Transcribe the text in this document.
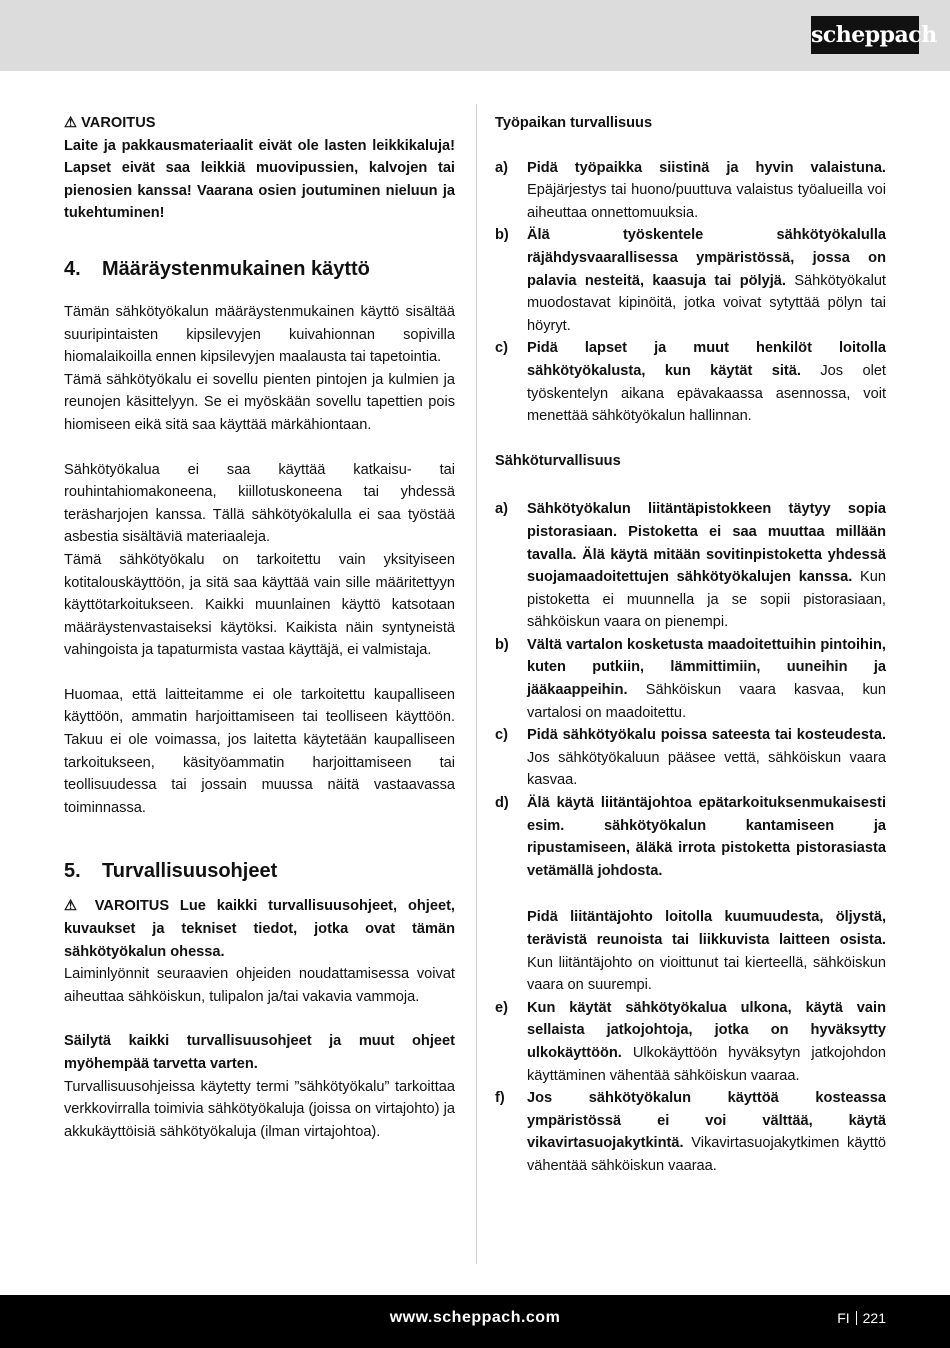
scheppach

⚠ VAROITUS

Laite ja pakkausmateriaalit eivät ole lasten leikkikaluja! Lapset eivät saa leikkiä muovipussien, kalvojen tai pienosien kanssa! Vaarana osien joutuminen nieluun ja tukehtuminen!

4. Määräystenmukainen käyttö

Tämän sähkötyökalun määräystenmukainen käyttö sisältää suuripintaisten kipsilevyjen kuivahionnan sopivilla hiomalaikoilla ennen kipsilevyjen maalausta tai tapetointia.

Tämä sähkötyökalu ei sovellu pienten pintojen ja kulmien ja reunojen käsittelyyn. Se ei myöskään sovellu tapettien pois hiomiseen eikä sitä saa käyttää märkähiontaan.

Sähkötyökalua ei saa käyttää katkaisu- tai rouhintahiomakoneena, kiillotuskoneena tai yhdessä teräsharjojen kanssa. Tällä sähkötyökalulla ei saa työstää asbestia sisältäviä materiaaleja.

Tämä sähkötyökalu on tarkoitettu vain yksityiseen kotitalouskäyttöön, ja sitä saa käyttää vain sille määritettyyn käyttötarkoitukseen. Kaikki muunlainen käyttö katsotaan määräystenvastaiseksi käytöksi. Kaikista näin syntyneistä vahingoista ja tapaturmista vastaa käyttäjä, ei valmistaja.

Huomaa, että laitteitamme ei ole tarkoitettu kaupalliseen käyttöön, ammatin harjoittamiseen tai teolliseen käyttöön. Takuu ei ole voimassa, jos laitetta käytetään kaupalliseen tarkoitukseen, käsityöammatin harjoittamiseen tai teollisuudessa tai jossain muussa näitä vastaavassa toiminnassa.

5. Turvallisuusohjeet

⚠ VAROITUS Lue kaikki turvallisuusohjeet, ohjeet, kuvaukset ja tekniset tiedot, jotka ovat tämän sähkötyökalun ohessa.

Laiminlyönnit seuraavien ohjeiden noudattamisessa voivat aiheuttaa sähköiskun, tulipalon ja/tai vakavia vammoja.

Säilytä kaikki turvallisuusohjeet ja muut ohjeet myöhempää tarvetta varten.

Turvallisuusohjeissa käytetty termi ”sähkötyökalu” tarkoittaa verkkovirralla toimivia sähkötyökaluja (joissa on virtajohto) ja akkukäyttöisiä sähkötyökaluja (ilman virtajohtoa).

Työpaikan turvallisuus

a)	Pidä työpaikka siistinä ja hyvin valaistuna. Epäjärjestys tai huono/puuttuva valaistus työalueilla voi aiheuttaa onnettomuuksia.
b)	Älä työskentele sähkötyökalulla räjähdysvaarallisessa ympäristössä, jossa on palavia nesteitä, kaasuja tai pölyjä. Sähkötyökalut muodostavat kipinöitä, jotka voivat sytyttää pölyn tai höyryt.
c)	Pidä lapset ja muut henkilöt loitolla sähkötyökalusta, kun käytät sitä. Jos olet työskentelyn aikana epävakaassa asennossa, voit menettää sähkötyökalun hallinnan.

Sähköturvallisuus

a)	Sähkötyökalun liitäntäpistokkeen täytyy sopia pistorasiaan. Pistoketta ei saa muuttaa millään tavalla. Älä käytä mitään sovitinpistoketta yhdessä suojamaadoitettujen sähkötyökalujen kanssa. Kun pistoketta ei muunnella ja se sopii pistorasiaan, sähköiskun vaara on pienempi.
b)	Vältä vartalon kosketusta maadoitettuihin pintoihin, kuten putkiin, lämmittimiin, uuneihin ja jääkaappeihin. Sähköiskun vaara kasvaa, kun vartalosi on maadoitettu.
c)	Pidä sähkötyökalu poissa sateesta tai kosteudesta. Jos sähkötyökaluun pääsee vettä, sähköiskun vaara kasvaa.
d)	Älä käytä liitäntäjohtoa epätarkoituksenmukaisesti esim. sähkötyökalun kantamiseen ja ripustamiseen, äläkä irrota pistoketta pistorasiasta vetämällä johdosta.
Pidä liitäntäjohto loitolla kuumuudesta, öljystä, terävistä reunoista tai liikkuvista laitteen osista. Kun liitäntäjohto on vioittunut tai kierteellä, sähköiskun vaara on suurempi.
e)	Kun käytät sähkötyökalua ulkona, käytä vain sellaista jatkojohtoja, jotka on hyväksytty ulkokäyttöön. Ulkokäyttöön hyväksytyn jatkojohdon käyttäminen vähentää sähköiskun vaaraa.
f)	Jos sähkötyökalun käyttöä kosteassa ympäristössä ei voi välttää, käytä vikavirtasuojakytkintä. Vikavirtasuojakytkimen käyttö vähentää sähköiskun vaaraa.
www.scheppach.com	FI 221
